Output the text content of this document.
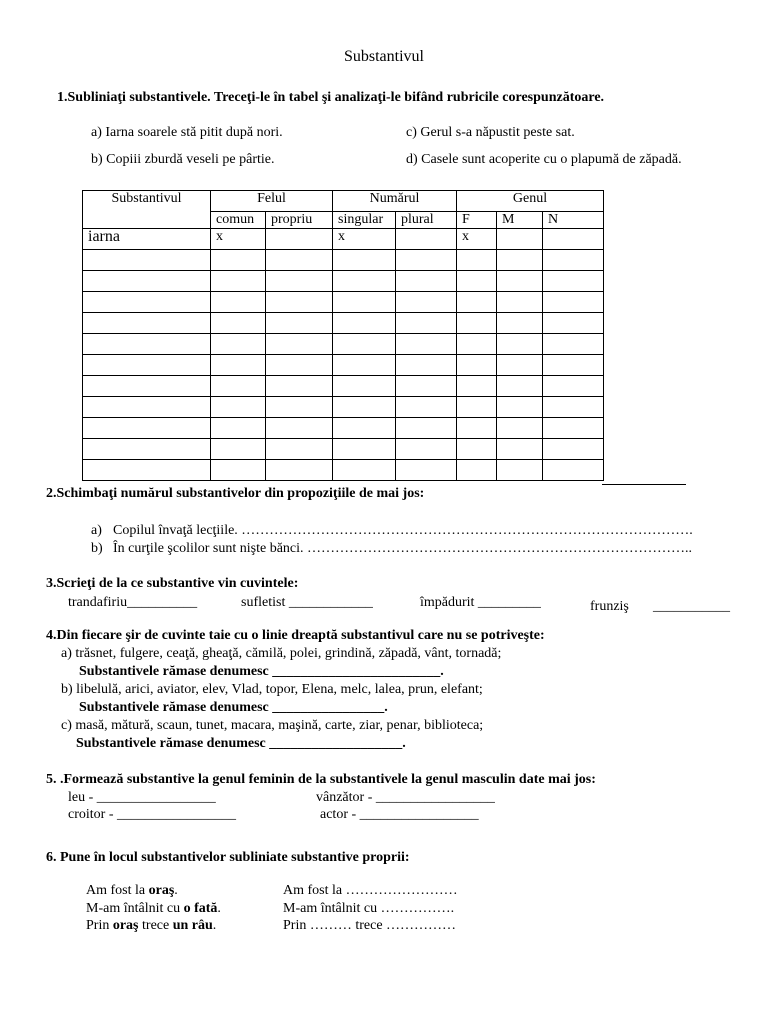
Substantivul
1.Subliniaţi substantivele. Treceţi-le în tabel şi analizaţi-le bifând rubricile corespunzătoare.
a) Iarna soarele stă pitit după nori.
b) Copiii zburdă veseli pe pârtie.
c) Gerul s-a năpustit peste sat.
d) Casele sunt acoperite cu o plapumă de zăpadă.
Substantivul	Felul		Numărul		Genul		
	comun	propriu	singular	plural	F	M	N
iarna	x		x		x		

2.Schimbaţi numărul substantivelor din propoziţiile de mai jos:
a) Copilul învaţă lecţiile. …………………………………………………………………………………….
b) În curţile şcolilor sunt nişte bănci. ………………………………………………………………………..
3.Scrieţi de la ce substantive vin cuvintele:
trandafiriu__________	sufletist ____________	împădurit _________	frunziş ___________
4.Din fiecare şir de cuvinte taie cu o linie dreaptă substantivul care nu se potriveşte:
a) trăsnet, fulgere, ceaţă, gheaţă, cămilă, polei, grindină, zăpadă, vânt, tornadă;
Substantivele rămase denumesc ________________________.
b) libelulă, arici, aviator, elev, Vlad, topor, Elena, melc, lalea, prun, elefant;
Substantivele rămase denumesc ________________.
c) masă, mătură, scaun, tunet, macara, maşină, carte, ziar, penar, biblioteca;
Substantivele rămase denumesc ___________________.
5. .Formează substantive la genul feminin de la substantivele la genul masculin date mai jos:
leu - _________________
croitor - _________________
vânzător - _________________
actor - _________________
6. Pune în locul substantivelor subliniate substantive proprii:
Am fost la oraş.
M-am întâlnit cu o fată.
Prin oraş trece un râu.
Am fost la ……………………
M-am întâlnit cu …………….
Prin ……… trece ……………
